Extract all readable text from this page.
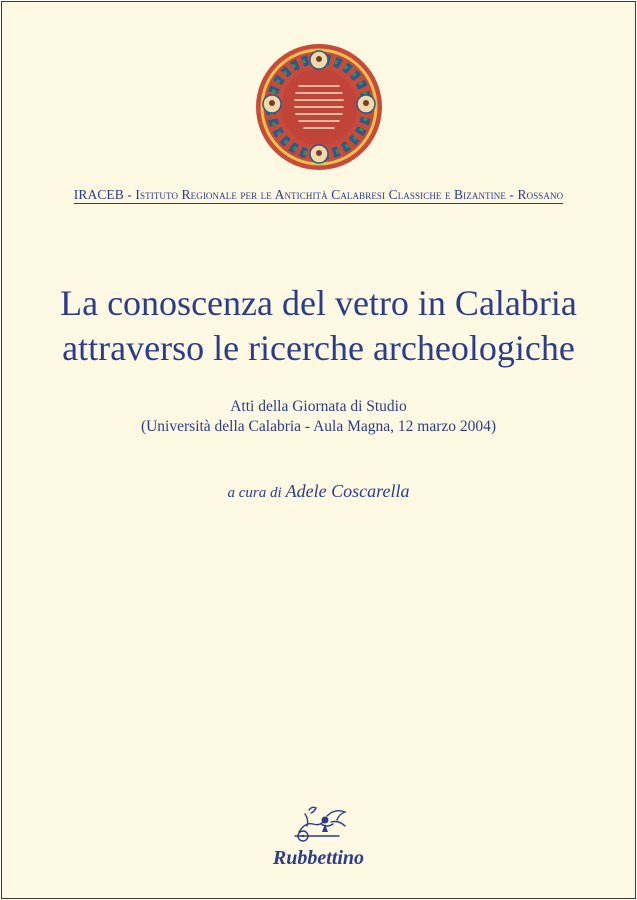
IRACEB - Istituto Regionale per le Antichità Calabresi Classiche e Bizantine - Rossano
La conoscenza del vetro in Calabria
attraverso le ricerche archeologiche
Atti della Giornata di Studio
(Università della Calabria - Aula Magna, 12 marzo 2004)
a cura di Adele Coscarella
Rubbettino
